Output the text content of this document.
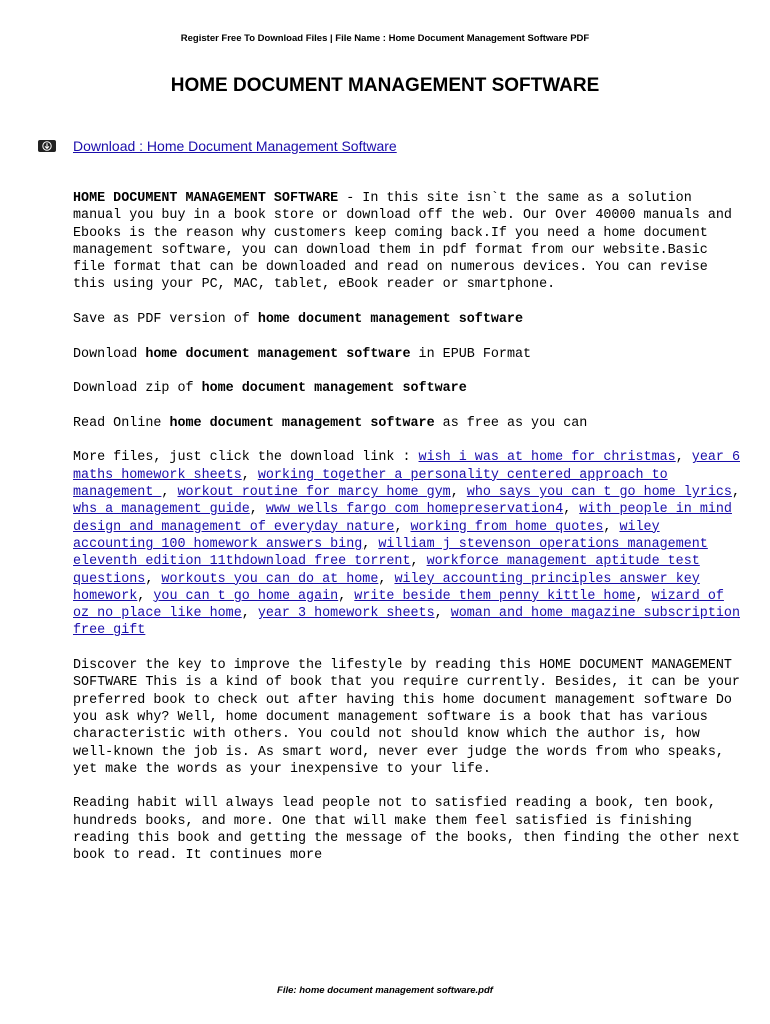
Register Free To Download Files | File Name : Home Document Management Software PDF
HOME DOCUMENT MANAGEMENT SOFTWARE
Download : Home Document Management Software

HOME DOCUMENT MANAGEMENT SOFTWARE - In this site isn`t the same as a solution manual you buy in a book store or download off the web. Our Over 40000 manuals and Ebooks is the reason why customers keep coming back.If you need a home document management software, you can download them in pdf format from our website.Basic file format that can be downloaded and read on numerous devices. You can revise this using your PC, MAC, tablet, eBook reader or smartphone.

Save as PDF version of home document management software

Download home document management software in EPUB Format

Download zip of home document management software

Read Online home document management software as free as you can

More files, just click the download link : wish i was at home for christmas, year 6 maths homework sheets, working together a personality centered approach to management , workout routine for marcy home gym, who says you can t go home lyrics, whs a management guide, www wells fargo com homepreservation4, with people in mind design and management of everyday nature, working from home quotes, wiley accounting 100 homework answers bing, william j stevenson operations management eleventh edition 11thdownload free torrent, workforce management aptitude test questions, workouts you can do at home, wiley accounting principles answer key homework, you can t go home again, write beside them penny kittle home, wizard of oz no place like home, year 3 homework sheets, woman and home magazine subscription free gift

Discover the key to improve the lifestyle by reading this HOME DOCUMENT MANAGEMENT SOFTWARE This is a kind of book that you require currently. Besides, it can be your preferred book to check out after having this home document management software Do you ask why? Well, home document management software is a book that has various characteristic with others. You could not should know which the author is, how well-known the job is. As smart word, never ever judge the words from who speaks, yet make the words as your inexpensive to your life.

Reading habit will always lead people not to satisfied reading a book, ten book, hundreds books, and more. One that will make them feel satisfied is finishing reading this book and getting the message of the books, then finding the other next book to read. It continues more

File: home document management software.pdf
